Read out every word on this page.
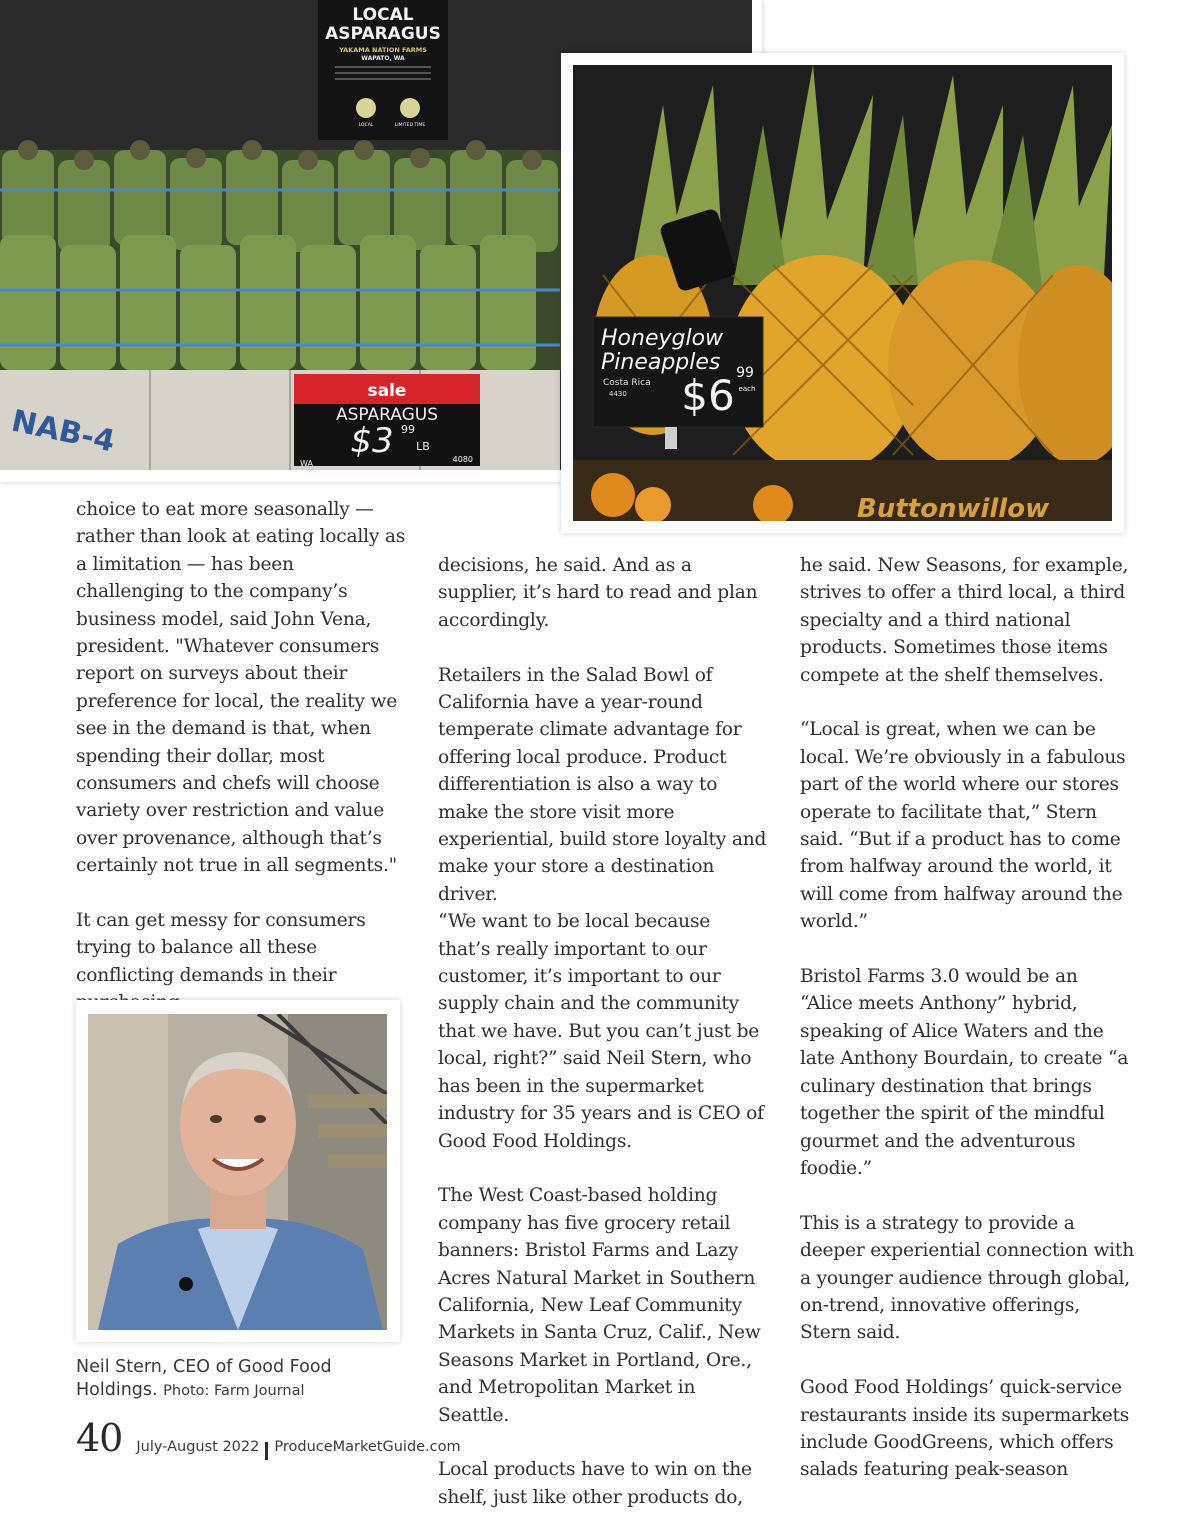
LOCAL
ASPARAGUS
YAKAMA NATION FARMS
WAPATO, WA
LOCAL	LIMITED TIME
NAB-4
sale
ASPARAGUS
$3 99
LB
WA	4080
Buttonwillow
Honeyglow
Pineapples
Costa Rica
4430 $6 99
each

choice to eat more seasonally — rather than look at eating locally as a limitation — has been challenging to the company’s business model, said John Vena, president. "Whatever consumers report on surveys about their preference for local, the reality we see in the demand is that, when spending their dollar, most consumers and chefs will choose variety over restriction and value over provenance, although that’s certainly not true in all segments."

It can get messy for consumers trying to balance all these conflicting demands in their

decisions, he said. And as a supplier, it’s hard to read and plan accordingly.

Retailers in the Salad Bowl of California have a year-round temperate climate advantage for offering local produce. Product differentiation is also a way to make the store visit more experiential, build store loyalty and make your store a destination driver.

“We want to be local because that’s really important to our customer, it’s important to our supply chain and the community that we have. But you can’t just be local, right?” said Neil Stern, who has been in the supermarket industry for 35 years and is CEO of Good Food Holdings.

The West Coast-based holding company has five grocery retail banners: Bristol Farms and Lazy Acres Natural Market in Southern California, New Leaf Community Markets in Santa Cruz, Calif., New Seasons Market in Portland, Ore., and Metropolitan Market in Seattle.

Local products have to win on the shelf, just like other products do,

he said. New Seasons, for example, strives to offer a third local, a third specialty and a third national products. Sometimes those items compete at the shelf themselves.

“Local is great, when we can be local. We’re obviously in a fabulous part of the world where our stores operate to facilitate that,” Stern said. “But if a product has to come from halfway around the world, it will come from halfway around the world.”

Bristol Farms 3.0 would be an “Alice meets Anthony” hybrid, speaking of Alice Waters and the late Anthony Bourdain, to create “a culinary destination that brings together the spirit of the mindful gourmet and the adventurous foodie.”

This is a strategy to provide a deeper experiential connection with a younger audience through global, on-trend, innovative offerings, Stern said.

Good Food Holdings’ quick-service restaurants inside its supermarkets include GoodGreens, which offers salads featuring peak-season

Neil Stern, CEO of Good Food Holdings. Photo: Farm Journal
40 July-August 2022 ProduceMarketGuide.com
